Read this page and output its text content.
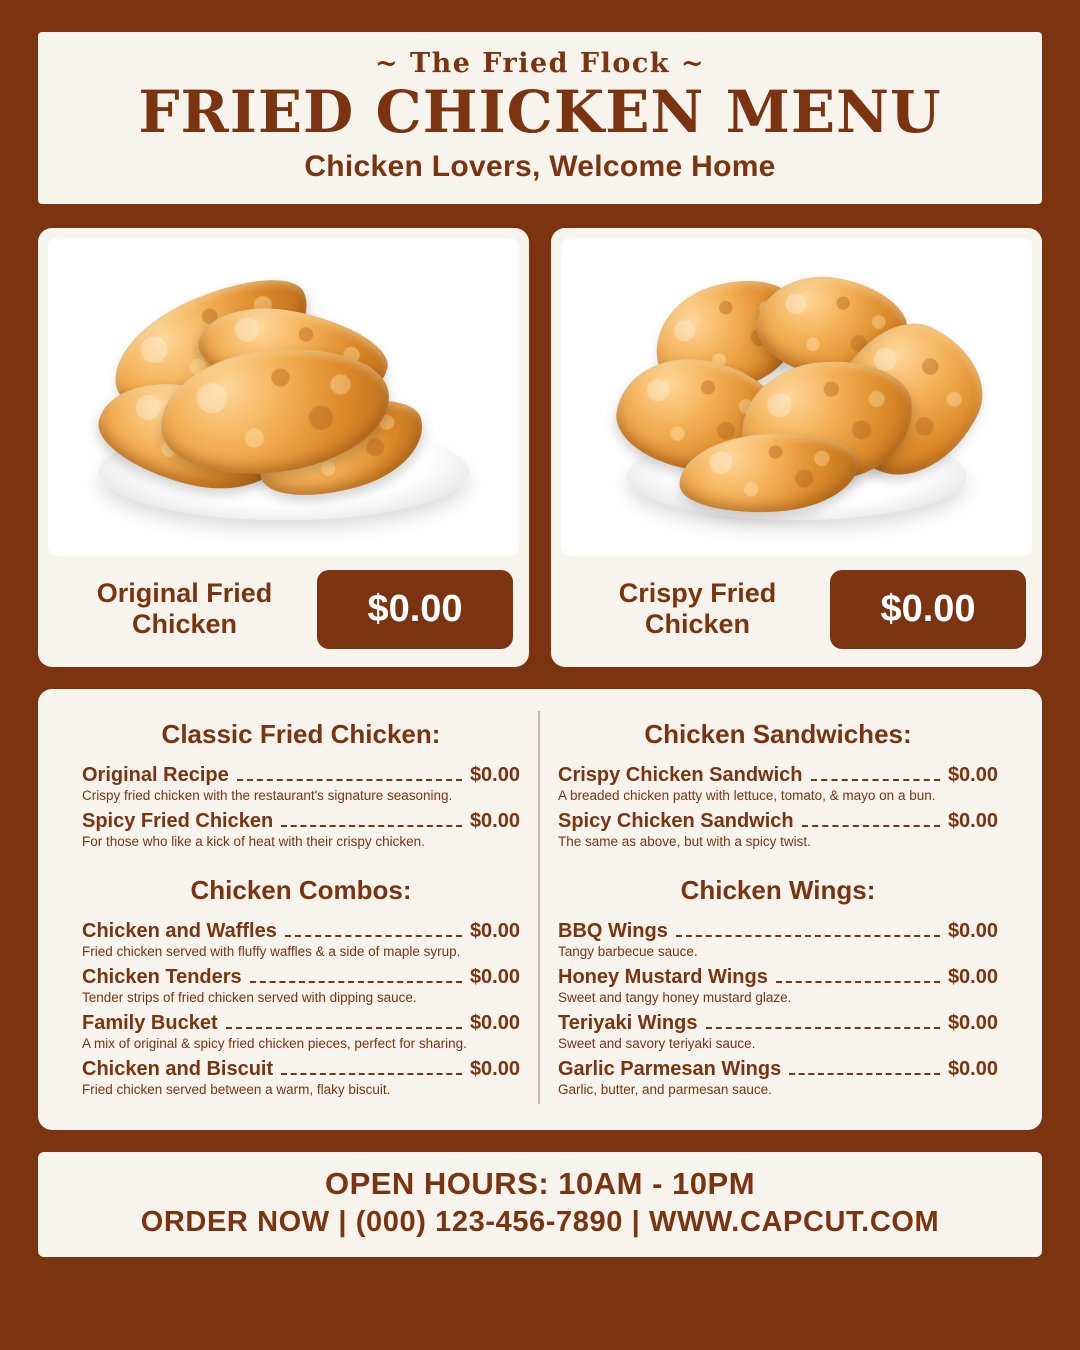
~ The Fried Flock ~
FRIED CHICKEN MENU
Chicken Lovers, Welcome Home
Original Fried Chicken	$0.00	Crispy Fried Chicken	$0.00
Classic Fried Chicken:
Original Recipe	$0.00
Crispy fried chicken with the restaurant's signature seasoning.
Spicy Fried Chicken	$0.00
For those who like a kick of heat with their crispy chicken.
Chicken Combos:
Chicken and Waffles	$0.00
Fried chicken served with fluffy waffles & a side of maple syrup.
Chicken Tenders	$0.00
Tender strips of fried chicken served with dipping sauce.
Family Bucket	$0.00
A mix of original & spicy fried chicken pieces, perfect for sharing.
Chicken and Biscuit	$0.00
Fried chicken served between a warm, flaky biscuit.
Chicken Sandwiches:
Crispy Chicken Sandwich	$0.00
A breaded chicken patty with lettuce, tomato, & mayo on a bun.
Spicy Chicken Sandwich	$0.00
The same as above, but with a spicy twist.
Chicken Wings:
BBQ Wings	$0.00
Tangy barbecue sauce.
Honey Mustard Wings	$0.00
Sweet and tangy honey mustard glaze.
Teriyaki Wings	$0.00
Sweet and savory teriyaki sauce.
Garlic Parmesan Wings	$0.00
Garlic, butter, and parmesan sauce.
OPEN HOURS: 10AM - 10PM
ORDER NOW | (000) 123-456-7890 | WWW.CAPCUT.COM
